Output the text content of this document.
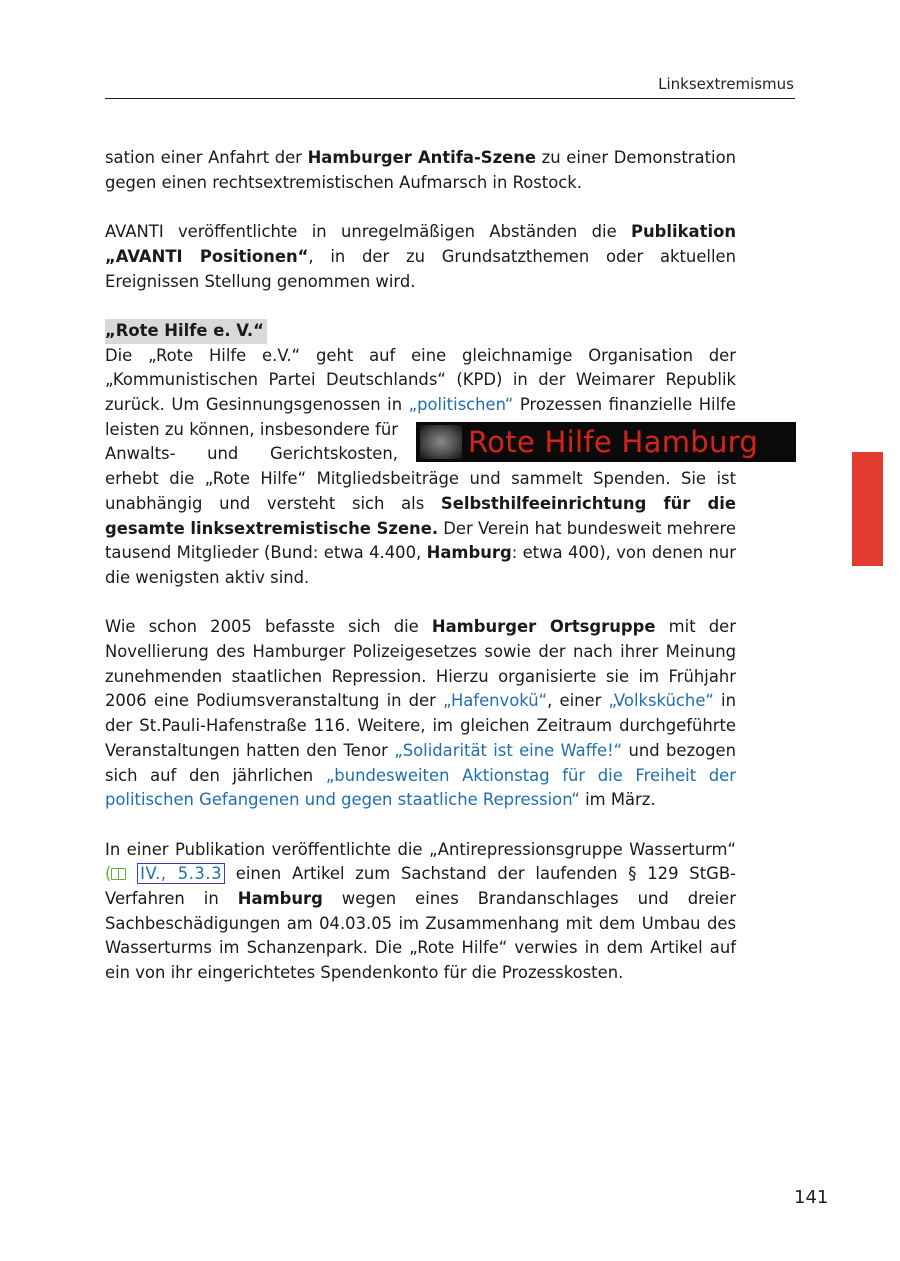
Linksextremismus

sation einer Anfahrt der Hamburger Antifa-Szene zu einer Demonstration gegen einen rechtsextremistischen Aufmarsch in Rostock.

AVANTI veröffentlichte in unregelmäßigen Abständen die Publikation „AVANTI Positionen“, in der zu Grundsatzthemen oder aktuellen Ereignissen Stellung genommen wird.

„Rote Hilfe e. V.“
Die „Rote Hilfe e.V.“ geht auf eine gleichnamige Organisation der „Kommunistischen Partei Deutschlands“ (KPD) in der Weimarer Republik zurück. Um Gesinnungsgenossen in „politischen“
Rote Hilfe Hamburg
Prozessen finanzielle Hilfe leisten zu können, insbesondere für Anwalts- und Gerichtskosten, erhebt die „Rote Hilfe“ Mitgliedsbeiträge und sammelt Spenden. Sie ist unabhängig und versteht sich als Selbsthilfeeinrichtung für die gesamte linksextremistische Szene. Der Verein hat bundesweit mehrere tausend Mitglieder (Bund: etwa 4.400, Hamburg: etwa 400), von denen nur die wenigsten aktiv sind.

Wie schon 2005 befasste sich die Hamburger Ortsgruppe mit der Novellierung des Hamburger Polizeigesetzes sowie der nach ihrer Meinung zunehmenden staatlichen Repression. Hierzu organisierte sie im Frühjahr 2006 eine Podiumsveranstaltung in der „Hafenvokü“, einer „Volksküche“ in der St.Pauli-Hafenstraße 116. Weitere, im gleichen Zeitraum durchgeführte Veranstaltungen hatten den Tenor „Solidarität ist eine Waffe!“ und bezogen sich auf den jährlichen „bundesweiten Aktionstag für die Freiheit der politischen Gefangenen und gegen staatliche Repression“ im März.

In einer Publikation veröffentlichte die „Antirepressionsgruppe Wasserturm“ ( IV., 5.3.3 einen Artikel zum Sachstand der laufenden § 129 StGB-Verfahren in Hamburg wegen eines Brandanschlages und dreier Sachbeschädigungen am 04.03.05 im Zusammenhang mit dem Umbau des Wasserturms im Schanzenpark. Die „Rote Hilfe“ verwies in dem Artikel auf ein von ihr eingerichtetes Spendenkonto für die Prozesskosten.

141
